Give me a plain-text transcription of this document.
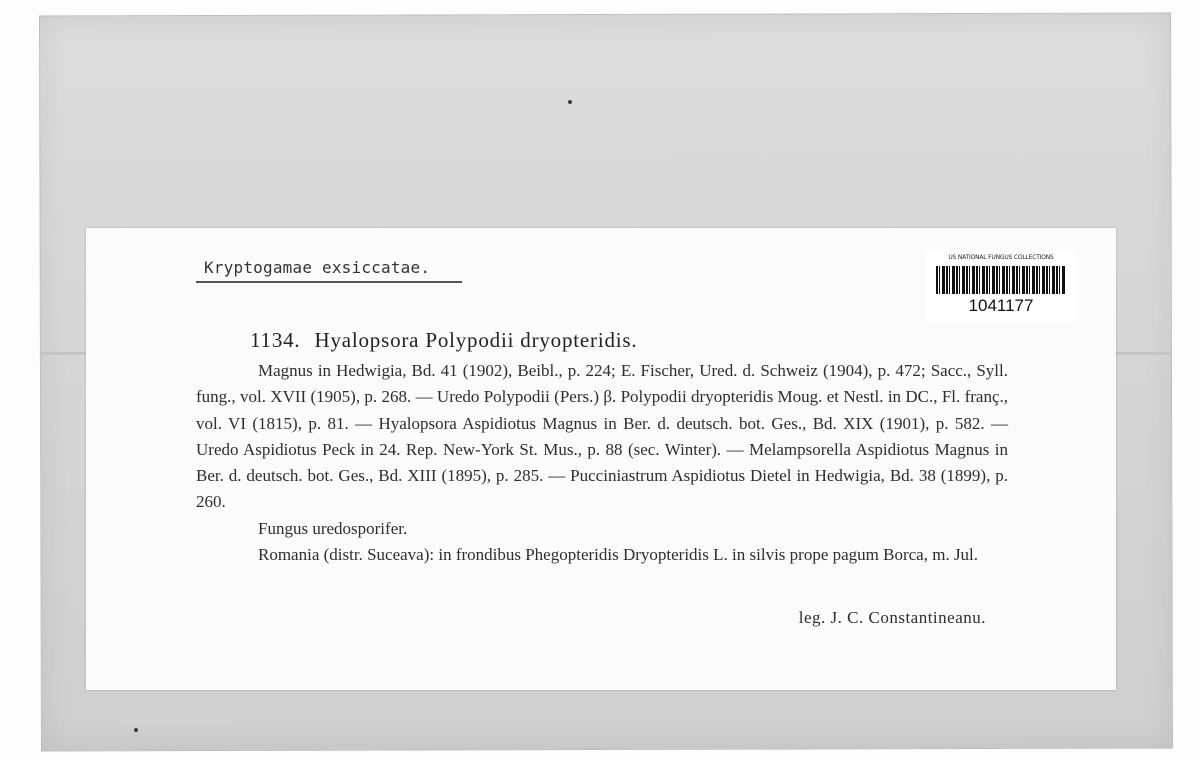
Kryptogamae exsiccatae.
US NATIONAL FUNGUS COLLECTIONS
1041177
1134. Hyalopsora Polypodii dryopteridis.

Magnus in Hedwigia, Bd. 41 (1902), Beibl., p. 224; E. Fischer, Ured. d. Schweiz (1904), p. 472; Sacc., Syll. fung., vol. XVII (1905), p. 268. — Uredo Polypodii (Pers.) β. Polypodii dryopteridis Moug. et Nestl. in DC., Fl. franç., vol. VI (1815), p. 81. — Hyalopsora Aspidiotus Magnus in Ber. d. deutsch. bot. Ges., Bd. XIX (1901), p. 582. — Uredo Aspidiotus Peck in 24. Rep. New-York St. Mus., p. 88 (sec. Winter). — Melampsorella Aspidiotus Magnus in Ber. d. deutsch. bot. Ges., Bd. XIII (1895), p. 285. — Pucciniastrum Aspidiotus Dietel in Hedwigia, Bd. 38 (1899), p. 260.

Fungus uredosporifer.

Romania (distr. Suceava): in frondibus Phegopteridis Dryopteridis L. in silvis prope pagum Borca, m. Jul.

leg. J. C. Constantineanu.
